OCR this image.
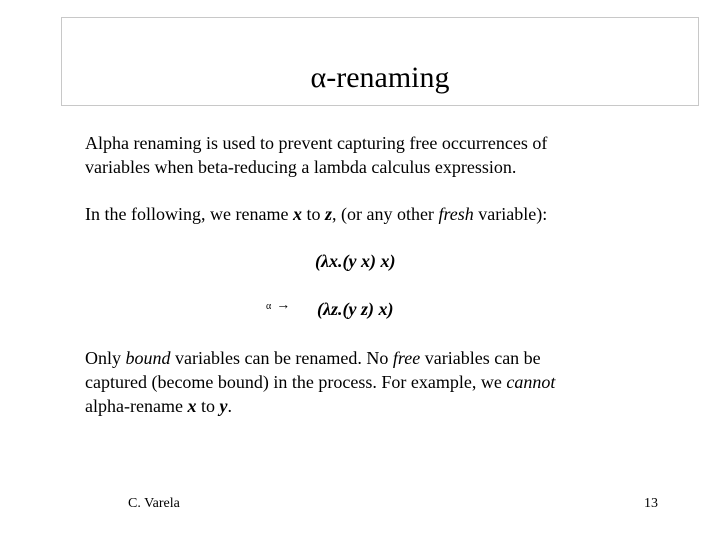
α-renaming
Alpha renaming is used to prevent capturing free occurrences of
variables when beta-reducing a lambda calculus expression.
In the following, we rename x to z, (or any other fresh variable):
(λx.(y x) x)
α → (λz.(y z) x)
Only bound variables can be renamed. No free variables can be
captured (become bound) in the process. For example, we cannot
alpha-rename x to y.
C. Varela	13
